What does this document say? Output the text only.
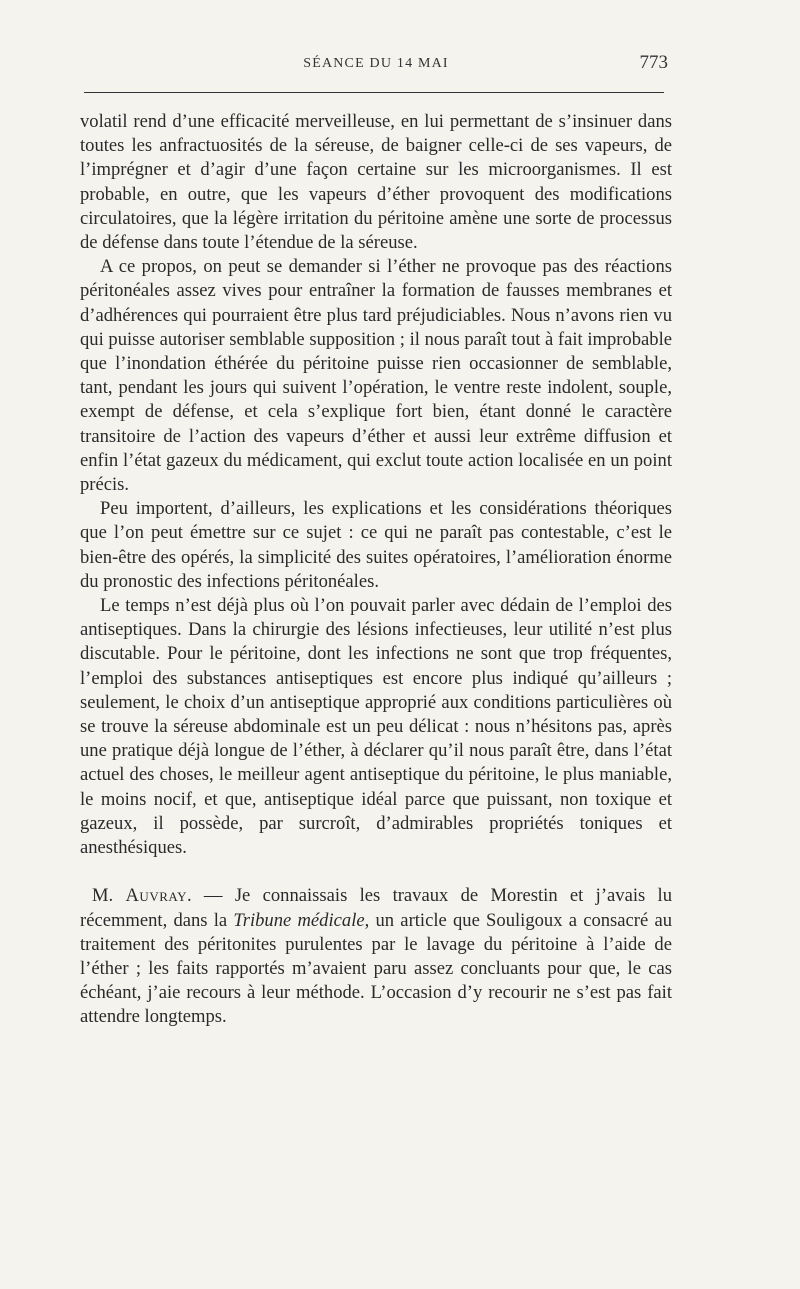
SÉANCE DU 14 MAI	773

volatil rend d’une efficacité merveilleuse, en lui permettant de s’insinuer dans toutes les anfractuosités de la séreuse, de baigner celle-ci de ses vapeurs, de l’imprégner et d’agir d’une façon certaine sur les microorganismes. Il est probable, en outre, que les vapeurs d’éther provoquent des modifications circulatoires, que la légère irritation du péritoine amène une sorte de processus de défense dans toute l’étendue de la séreuse.

A ce propos, on peut se demander si l’éther ne provoque pas des réactions péritonéales assez vives pour entraîner la formation de fausses membranes et d’adhérences qui pourraient être plus tard préjudiciables. Nous n’avons rien vu qui puisse autoriser semblable supposition ; il nous paraît tout à fait improbable que l’inondation éthérée du péritoine puisse rien occasionner de semblable, tant, pendant les jours qui suivent l’opération, le ventre reste indolent, souple, exempt de défense, et cela s’explique fort bien, étant donné le caractère transitoire de l’action des vapeurs d’éther et aussi leur extrême diffusion et enfin l’état gazeux du médicament, qui exclut toute action localisée en un point précis.

Peu importent, d’ailleurs, les explications et les considérations théoriques que l’on peut émettre sur ce sujet : ce qui ne paraît pas contestable, c’est le bien-être des opérés, la simplicité des suites opératoires, l’amélioration énorme du pronostic des infections péritonéales.

Le temps n’est déjà plus où l’on pouvait parler avec dédain de l’emploi des antiseptiques. Dans la chirurgie des lésions infectieuses, leur utilité n’est plus discutable. Pour le péritoine, dont les infections ne sont que trop fréquentes, l’emploi des substances antiseptiques est encore plus indiqué qu’ailleurs ; seulement, le choix d’un antiseptique approprié aux conditions particulières où se trouve la séreuse abdominale est un peu délicat : nous n’hésitons pas, après une pratique déjà longue de l’éther, à déclarer qu’il nous paraît être, dans l’état actuel des choses, le meilleur agent antiseptique du péritoine, le plus maniable, le moins nocif, et que, antiseptique idéal parce que puissant, non toxique et gazeux, il possède, par surcroît, d’admirables propriétés toniques et anesthésiques.

M. Auvray. — Je connaissais les travaux de Morestin et j’avais lu récemment, dans la Tribune médicale, un article que Souligoux a consacré au traitement des péritonites purulentes par le lavage du péritoine à l’aide de l’éther ; les faits rapportés m’avaient paru assez concluants pour que, le cas échéant, j’aie recours à leur méthode. L’occasion d’y recourir ne s’est pas fait attendre longtemps.
